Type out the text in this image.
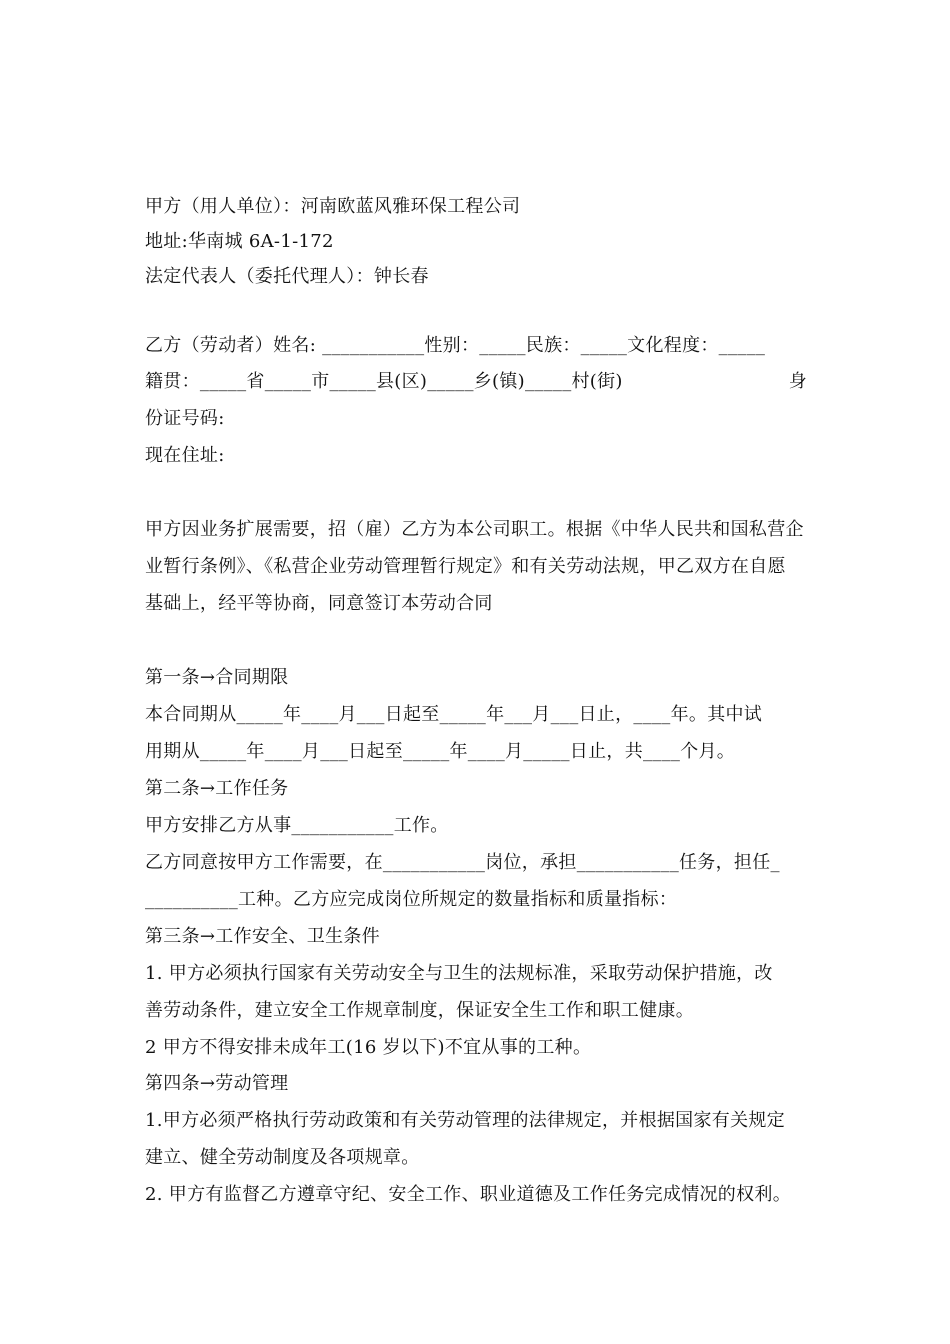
甲方（用人单位）：河南欧蓝风雅环保工程公司
地址:华南城 6A-1-172
法定代表人（委托代理人）：钟长春
乙方（劳动者）姓名: ___________性别：_____民族：_____文化程度：_____
籍贯：_____省_____市_____县(区)_____乡(镇)_____村(街)	身
份证号码:
现在住址:
甲方因业务扩展需要，招（雇）乙方为本公司职工。根据《中华人民共和国私营企
业暂行条例》、《私营企业劳动管理暂行规定》和有关劳动法规，甲乙双方在自愿
基础上，经平等协商，同意签订本劳动合同
第一条→合同期限
本合同期从_____年____月___日起至_____年___月___日止，____年。其中试
用期从_____年____月___日起至_____年____月_____日止，共____个月。
第二条→工作任务
甲方安排乙方从事___________工作。
乙方同意按甲方工作需要，在___________岗位，承担___________任务，担任_
__________工种。乙方应完成岗位所规定的数量指标和质量指标：
第三条→工作安全、卫生条件
1. 甲方必须执行国家有关劳动安全与卫生的法规标准，采取劳动保护措施，改
善劳动条件，建立安全工作规章制度，保证安全生工作和职工健康。
2 甲方不得安排未成年工(16 岁以下)不宜从事的工种。
第四条→劳动管理
1.甲方必须严格执行劳动政策和有关劳动管理的法律规定，并根据国家有关规定
建立、健全劳动制度及各项规章。
2. 甲方有监督乙方遵章守纪、安全工作、职业道德及工作任务完成情况的权利。
